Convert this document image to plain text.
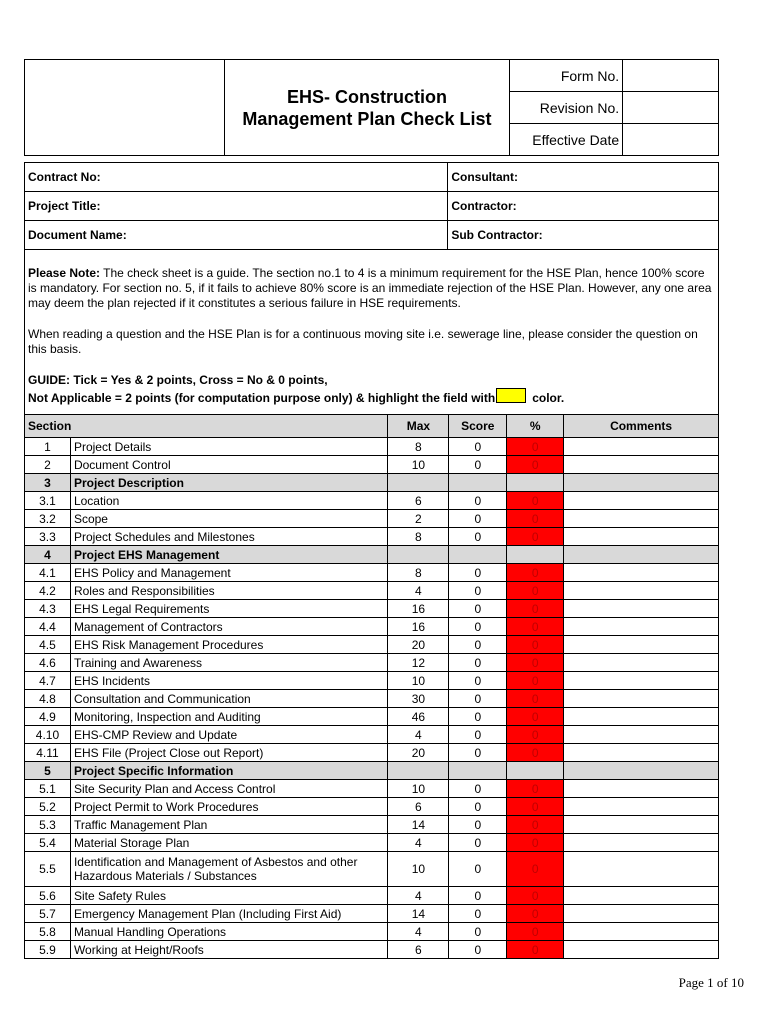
	EHS- Construction
Management Plan Check List	Form No.	
		Revision No.	
		Effective Date	
Contract No:	Consultant:
Project Title:	Contractor:
Document Name:	Sub Contractor:

Please Note: The check sheet is a guide. The section no.1 to 4 is a minimum requirement for the HSE Plan, hence 100% score is mandatory. For section no. 5, if it fails to achieve 80% score is an immediate rejection of the HSE Plan. However, any one area may deem the plan rejected if it constitutes a serious failure in HSE requirements.

When reading a question and the HSE Plan is for a continuous moving site i.e. sewerage line, please consider the question on this basis.

GUIDE: Tick = Yes & 2 points, Cross = No & 0 points,

Not Applicable = 2 points (for computation purpose only) & highlight the field with	color.

Section		Max	Score	%	Comments
1	Project Details	8	0	0	
2	Document Control	10	0	0	
3	Project Description				
3.1	Location	6	0	0	
3.2	Scope	2	0	0	
3.3	Project Schedules and Milestones	8	0	0	
4	Project EHS Management				
4.1	EHS Policy and Management	8	0	0	
4.2	Roles and Responsibilities	4	0	0	
4.3	EHS Legal Requirements	16	0	0	
4.4	Management of Contractors	16	0	0	
4.5	EHS Risk Management Procedures	20	0	0	
4.6	Training and Awareness	12	0	0	
4.7	EHS Incidents	10	0	0	
4.8	Consultation and Communication	30	0	0	
4.9	Monitoring, Inspection and Auditing	46	0	0	
4.10	EHS-CMP Review and Update	4	0	0	
4.11	EHS File (Project Close out Report)	20	0	0	
5	Project Specific Information				
5.1	Site Security Plan and Access Control	10	0	0	
5.2	Project Permit to Work Procedures	6	0	0	
5.3	Traffic Management Plan	14	0	0	
5.4	Material Storage Plan	4	0	0	
5.5	Identification and Management of Asbestos and other Hazardous Materials / Substances	10	0	0	
5.6	Site Safety Rules	4	0	0	
5.7	Emergency Management Plan (Including First Aid)	14	0	0	
5.8	Manual Handling Operations	4	0	0	
5.9	Working at Height/Roofs	6	0	0	
Page 1 of 10
